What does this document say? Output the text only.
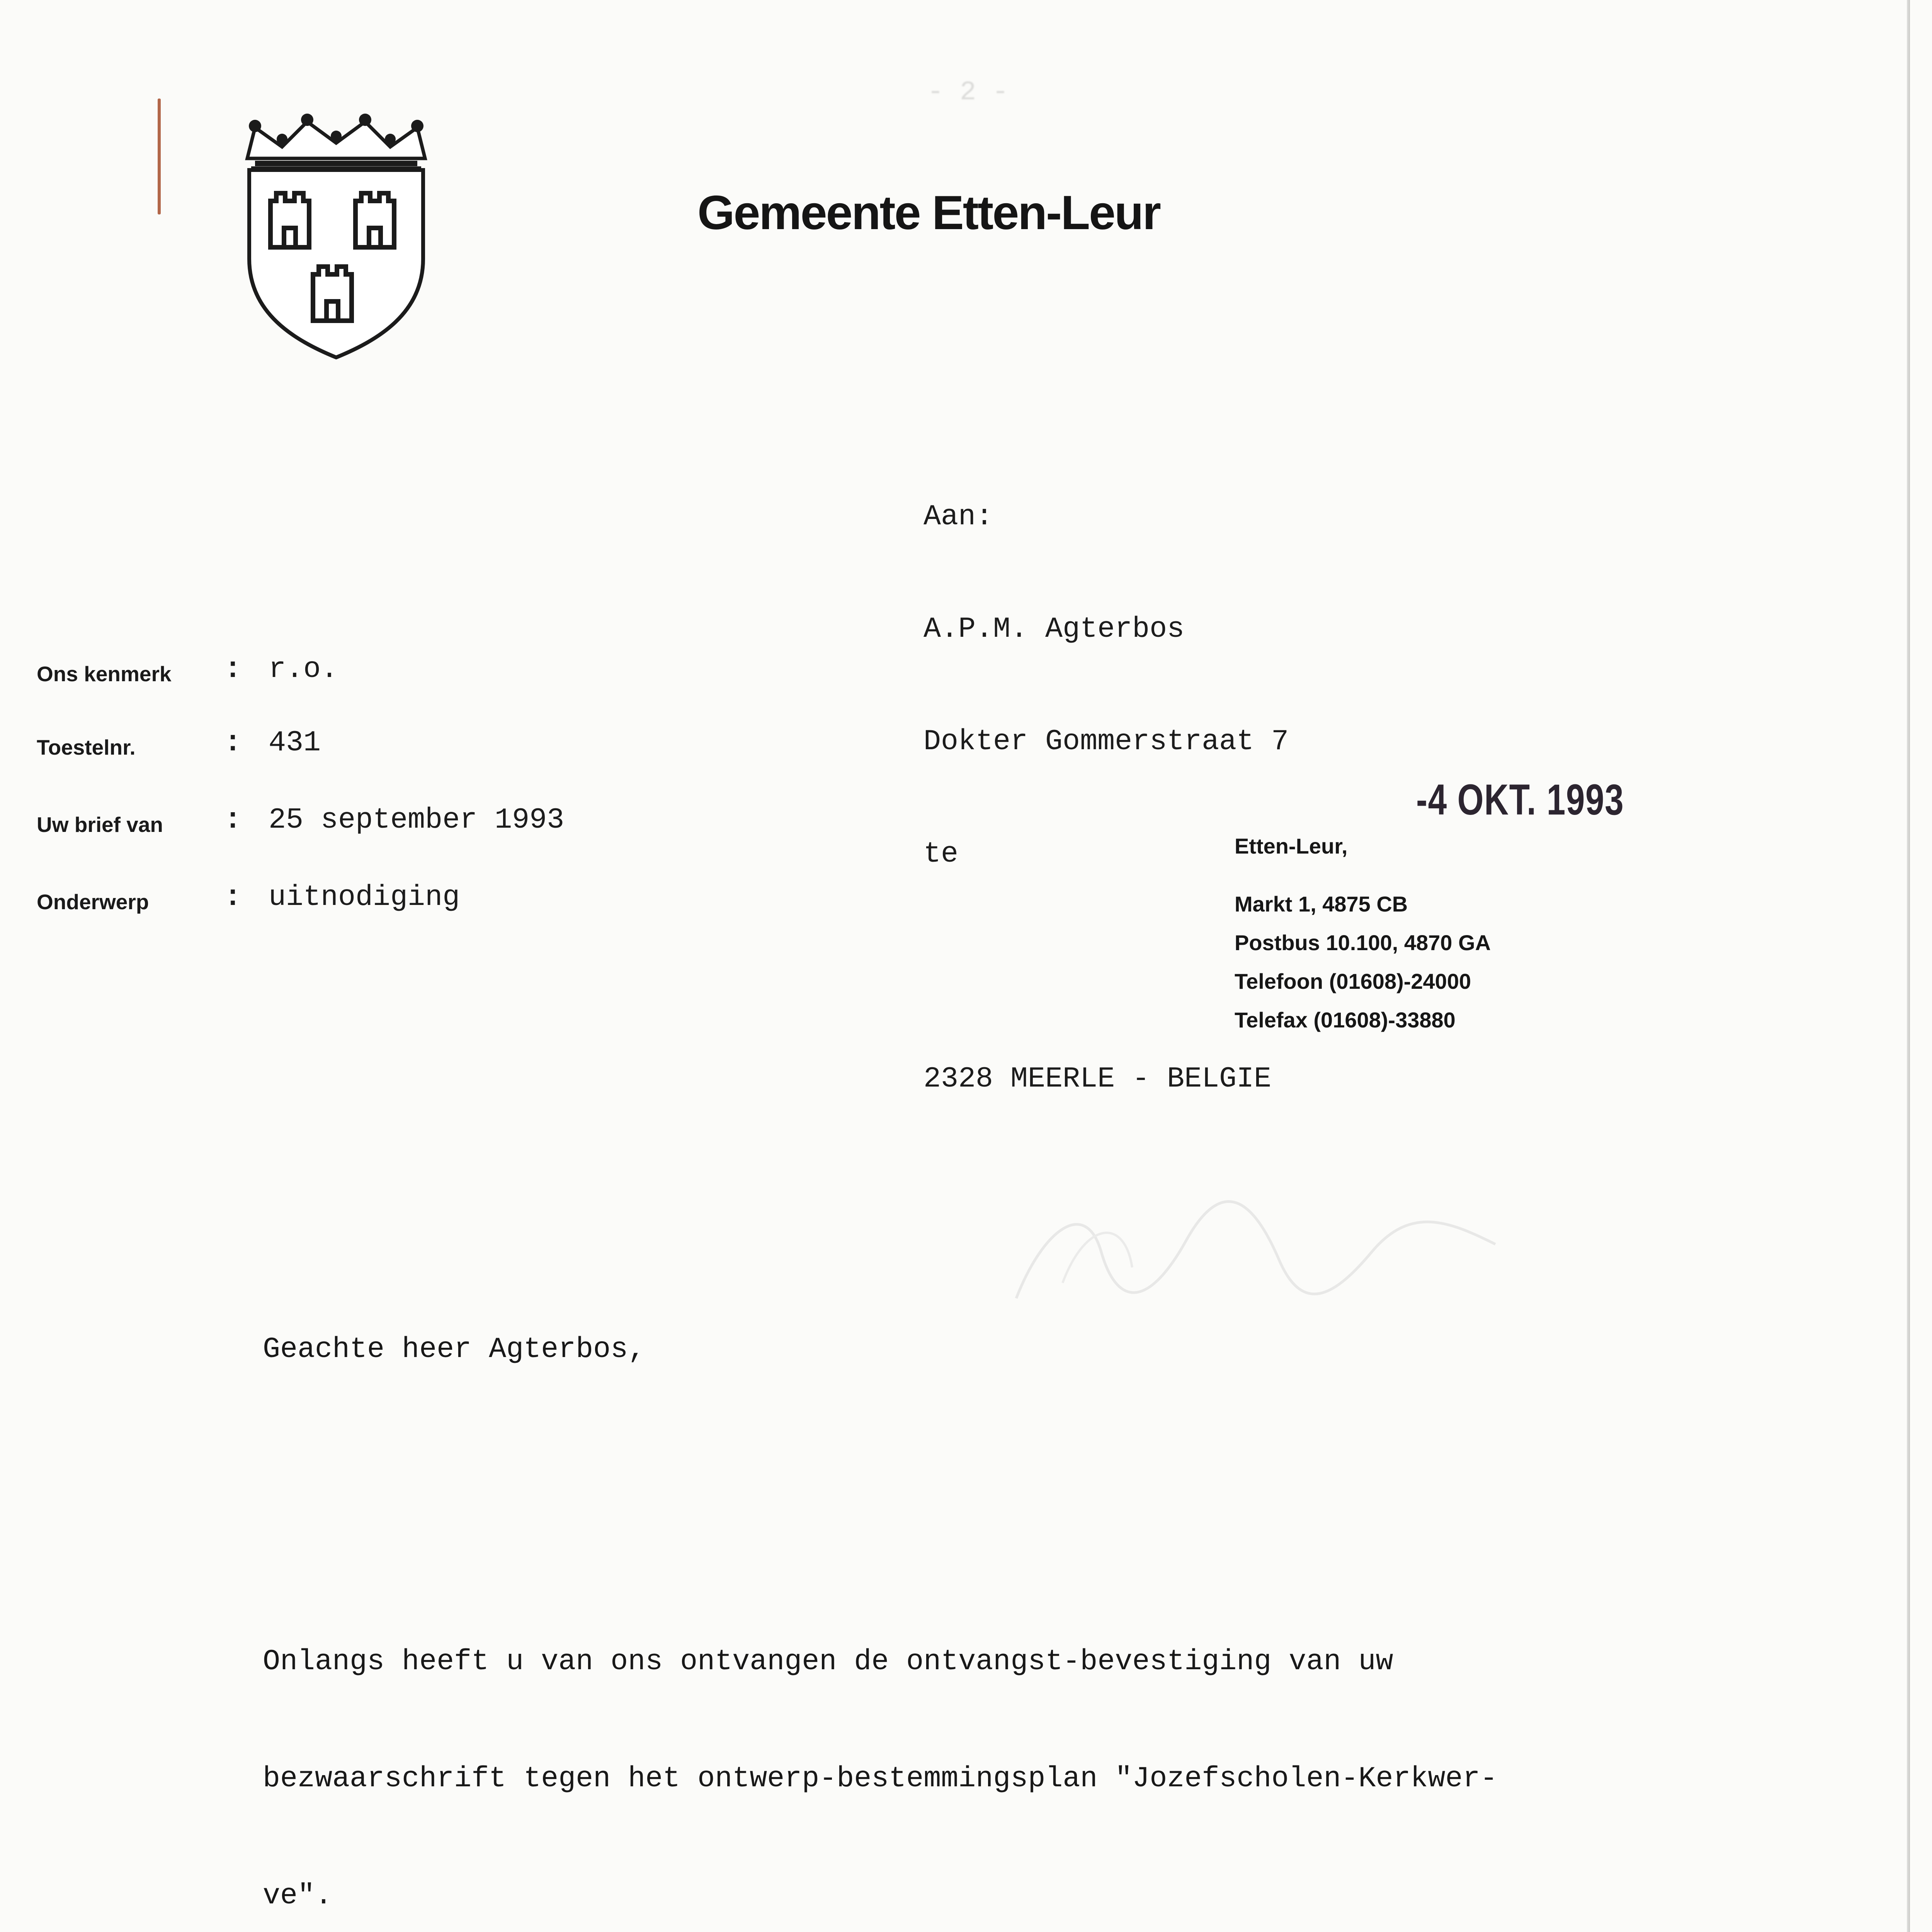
- 2 -

Gemeente Etten-Leur

Aan:

A.P.M. Agterbos

Dokter Gommerstraat 7

te

2328 MEERLE - BELGIE

Ons kenmerk : r.o.
Toestelnr.	: 431
Uw brief van : 25 september 1993
Onderwerp	: uitnodiging
-4 OKT. 1993
Etten-Leur,
Markt 1, 4875 CB
Postbus 10.100, 4870 GA
Telefoon (01608)-24000
Telefax (01608)-33880

Geachte heer Agterbos,

Onlangs heeft u van ons ontvangen de ontvangst-bevestiging van uw

bezwaarschrift tegen het ontwerp-bestemmingsplan "Jozefscholen-Kerkwer-

ve".
